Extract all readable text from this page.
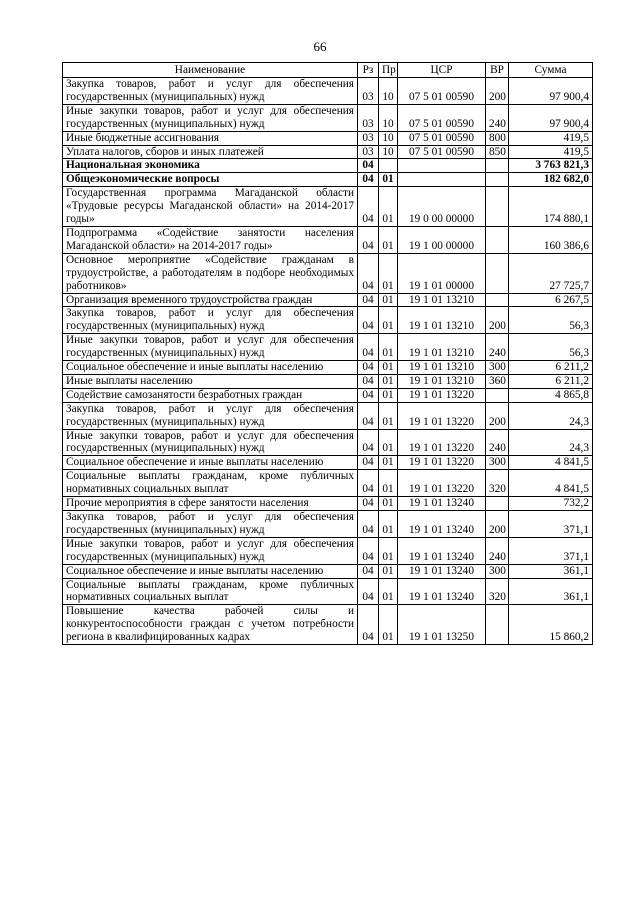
66
Наименование	Рз	Пр	ЦСР	ВР	Сумма
Закупка товаров, работ и услуг для обеспечения государственных (муниципальных) нужд	03	10	07 5 01 00590	200	97 900,4
Иные закупки товаров, работ и услуг для обеспечения государственных (муниципальных) нужд	03	10	07 5 01 00590	240	97 900,4
Иные бюджетные ассигнования	03	10	07 5 01 00590	800	419,5
Уплата налогов, сборов и иных платежей	03	10	07 5 01 00590	850	419,5
Национальная экономика	04				3 763 821,3
Общеэкономические вопросы	04	01			182 682,0
Государственная программа Магаданской области «Трудовые ресурсы Магаданской области» на 2014-2017 годы»	04	01	19 0 00 00000		174 880,1
Подпрограмма «Содействие занятости населения Магаданской области» на 2014-2017 годы»	04	01	19 1 00 00000		160 386,6
Основное мероприятие «Содействие гражданам в трудоустройстве, а работодателям в подборе необходимых работников»	04	01	19 1 01 00000		27 725,7
Организация временного трудоустройства граждан	04	01	19 1 01 13210		6 267,5
Закупка товаров, работ и услуг для обеспечения государственных (муниципальных) нужд	04	01	19 1 01 13210	200	56,3
Иные закупки товаров, работ и услуг для обеспечения государственных (муниципальных) нужд	04	01	19 1 01 13210	240	56,3
Социальное обеспечение и иные выплаты населению	04	01	19 1 01 13210	300	6 211,2
Иные выплаты населению	04	01	19 1 01 13210	360	6 211,2
Содействие самозанятости безработных граждан	04	01	19 1 01 13220		4 865,8
Закупка товаров, работ и услуг для обеспечения государственных (муниципальных) нужд	04	01	19 1 01 13220	200	24,3
Иные закупки товаров, работ и услуг для обеспечения государственных (муниципальных) нужд	04	01	19 1 01 13220	240	24,3
Социальное обеспечение и иные выплаты населению	04	01	19 1 01 13220	300	4 841,5
Социальные выплаты гражданам, кроме публичных нормативных социальных выплат	04	01	19 1 01 13220	320	4 841,5
Прочие мероприятия в сфере занятости населения	04	01	19 1 01 13240		732,2
Закупка товаров, работ и услуг для обеспечения государственных (муниципальных) нужд	04	01	19 1 01 13240	200	371,1
Иные закупки товаров, работ и услуг для обеспечения государственных (муниципальных) нужд	04	01	19 1 01 13240	240	371,1
Социальное обеспечение и иные выплаты населению	04	01	19 1 01 13240	300	361,1
Социальные выплаты гражданам, кроме публичных нормативных социальных выплат	04	01	19 1 01 13240	320	361,1
Повышение качества рабочей силы и конкурентоспособности граждан с учетом потребности региона в квалифицированных кадрах	04	01	19 1 01 13250		15 860,2
